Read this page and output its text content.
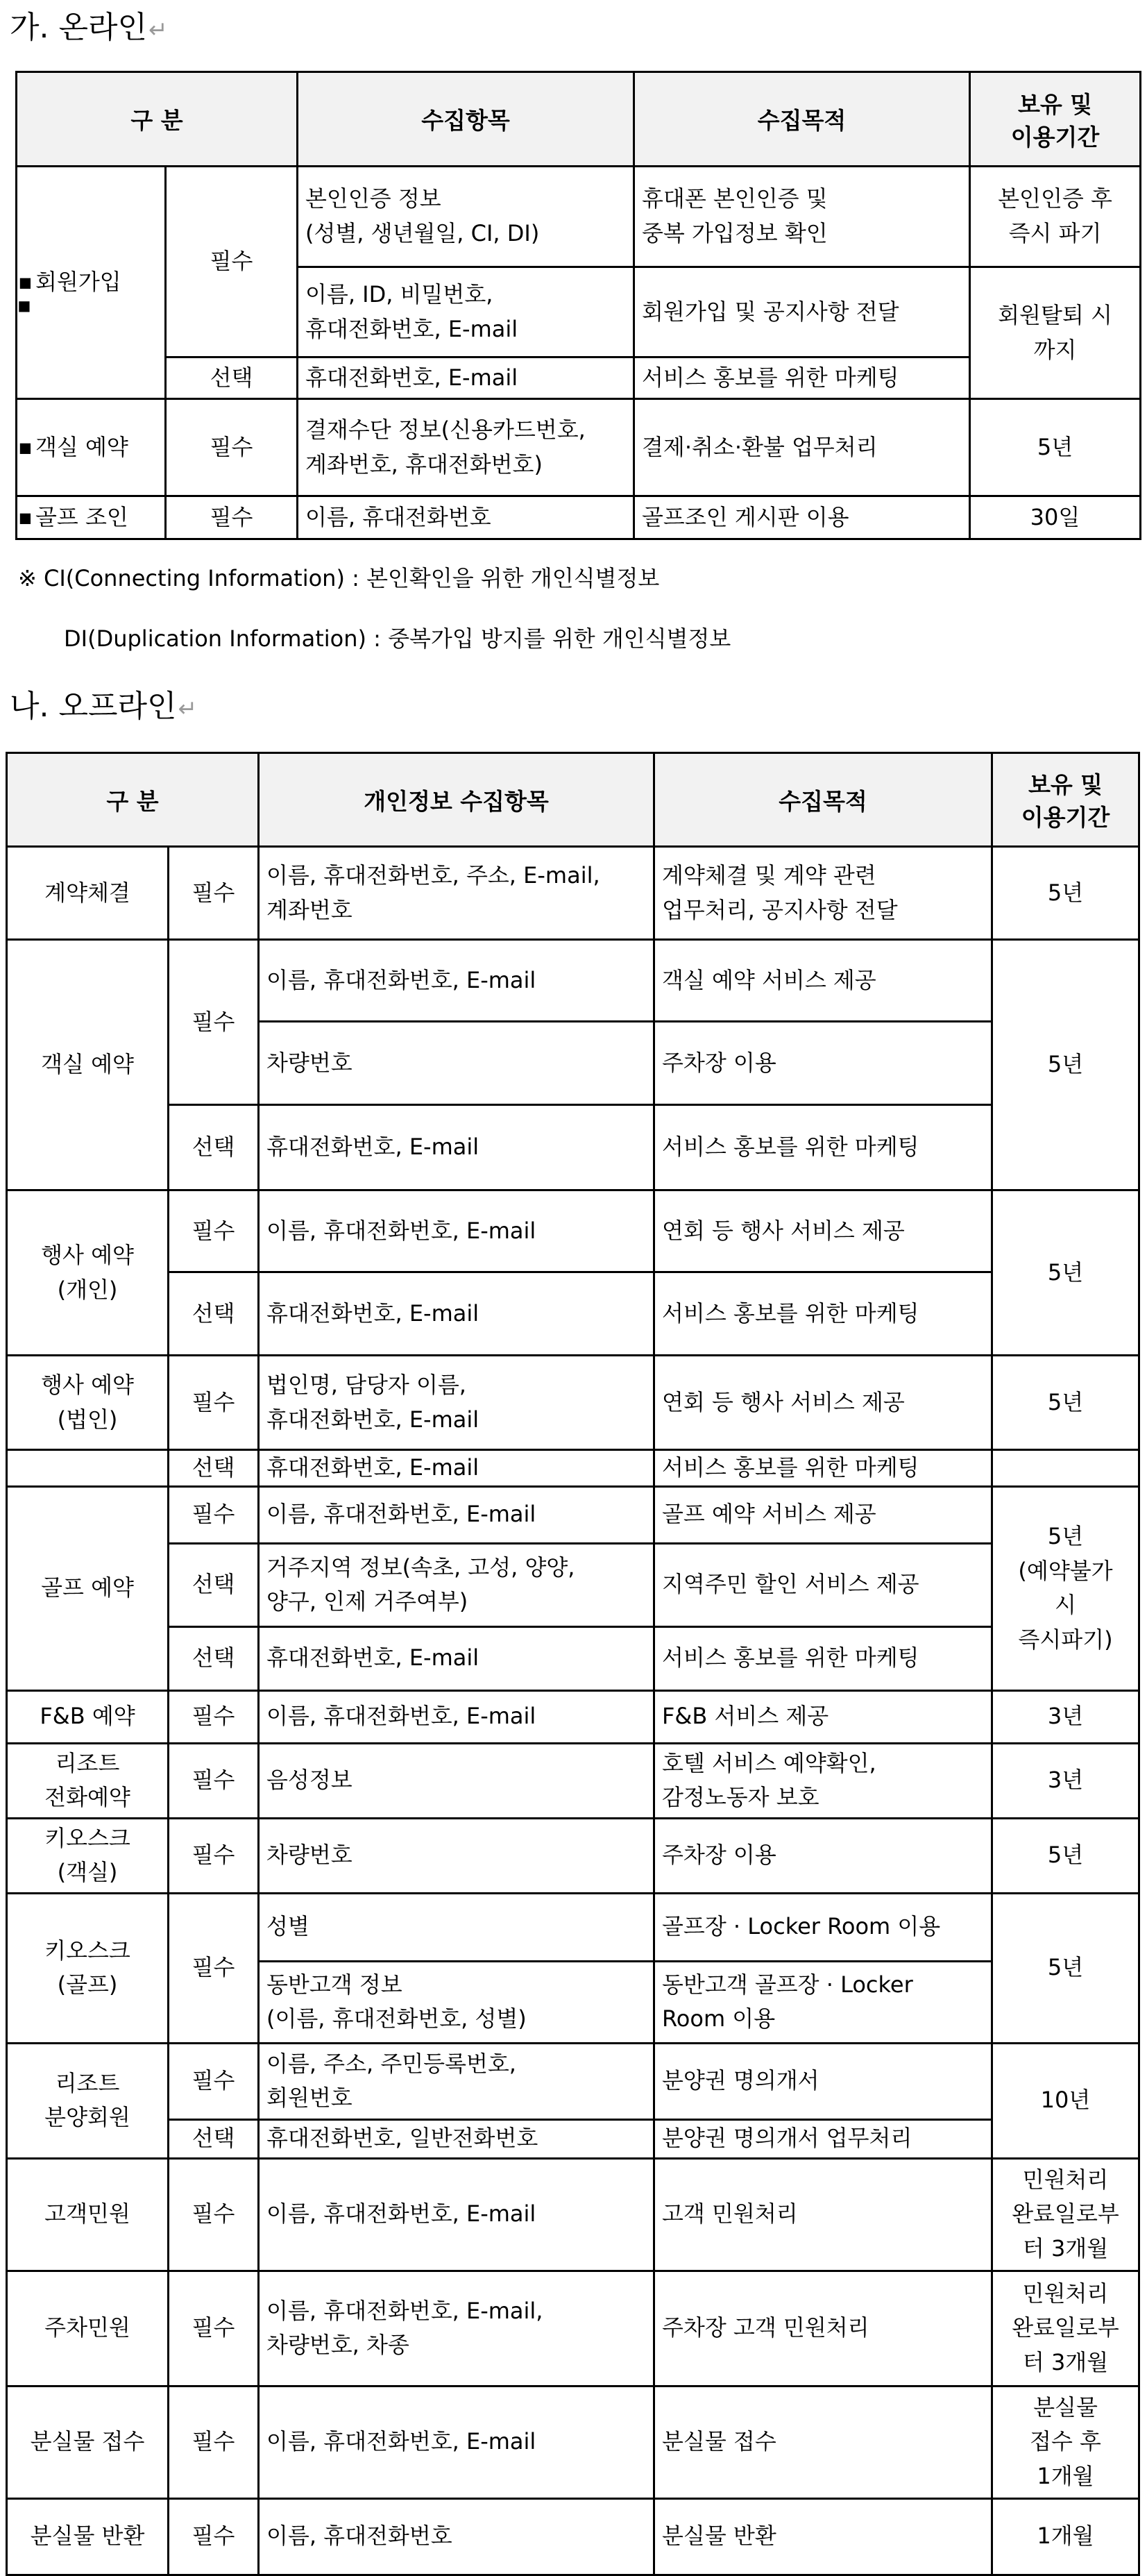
가. 온라인↵
■
구 분		수집항목	수집목적	보유 및
이용기간

■ 회원가입	필수	본인인증 정보
(성별, 생년월일, CI, DI)	휴대폰 본인인증 및
중복 가입정보 확인	본인인증 후
즉시 파기
		이름, ID, 비밀번호,
휴대전화번호, E-mail	회원가입 및 공지사항 전달	회원탈퇴 시
까지
	선택	휴대전화번호, E-mail	서비스 홍보를 위한 마케팅	

■ 객실 예약	필수	결재수단 정보(신용카드번호,
계좌번호, 휴대전화번호)	결제·취소·환불 업무처리	5년

■ 골프 조인	필수	이름, 휴대전화번호	골프조인 게시판 이용	30일
※ CI(Connecting Information) : 본인확인을 위한 개인식별정보
DI(Duplication Information) : 중복가입 방지를 위한 개인식별정보
나. 오프라인↵
구 분		개인정보 수집항목	수집목적	보유 및
이용기간
계약체결	필수	이름, 휴대전화번호, 주소, E-mail,
계좌번호	계약체결 및 계약 관련
업무처리, 공지사항 전달	5년
객실 예약	필수	이름, 휴대전화번호, E-mail	객실 예약 서비스 제공	5년
		차량번호	주차장 이용	
	선택	휴대전화번호, E-mail	서비스 홍보를 위한 마케팅	
행사 예약
(개인)	필수	이름, 휴대전화번호, E-mail	연회 등 행사 서비스 제공	5년
	선택	휴대전화번호, E-mail	서비스 홍보를 위한 마케팅	
행사 예약
(법인)	필수	법인명, 담당자 이름,
휴대전화번호, E-mail	연회 등 행사 서비스 제공	5년
	선택	휴대전화번호, E-mail	서비스 홍보를 위한 마케팅	
골프 예약	필수	이름, 휴대전화번호, E-mail	골프 예약 서비스 제공	5년
(예약불가
시
즉시파기)
	선택	거주지역 정보(속초, 고성, 양양,
양구, 인제 거주여부)	지역주민 할인 서비스 제공	
	선택	휴대전화번호, E-mail	서비스 홍보를 위한 마케팅	
F&B 예약	필수	이름, 휴대전화번호, E-mail	F&B 서비스 제공	3년
리조트
전화예약	필수	음성정보	호텔 서비스 예약확인,
감정노동자 보호	3년
키오스크
(객실)	필수	차량번호	주차장 이용	5년
키오스크
(골프)	필수	성별	골프장 · Locker Room 이용	5년
		동반고객 정보
(이름, 휴대전화번호, 성별)	동반고객 골프장 · Locker
Room 이용	
리조트
분양회원	필수	이름, 주소, 주민등록번호,
회원번호	분양권 명의개서	10년
	선택	휴대전화번호, 일반전화번호	분양권 명의개서 업무처리	
고객민원	필수	이름, 휴대전화번호, E-mail	고객 민원처리	민원처리
완료일로부
터 3개월
주차민원	필수	이름, 휴대전화번호, E-mail,
차량번호, 차종	주차장 고객 민원처리	민원처리
완료일로부
터 3개월
분실물 접수	필수	이름, 휴대전화번호, E-mail	분실물 접수	분실물
접수 후
1개월
분실물 반환	필수	이름, 휴대전화번호	분실물 반환	1개월
